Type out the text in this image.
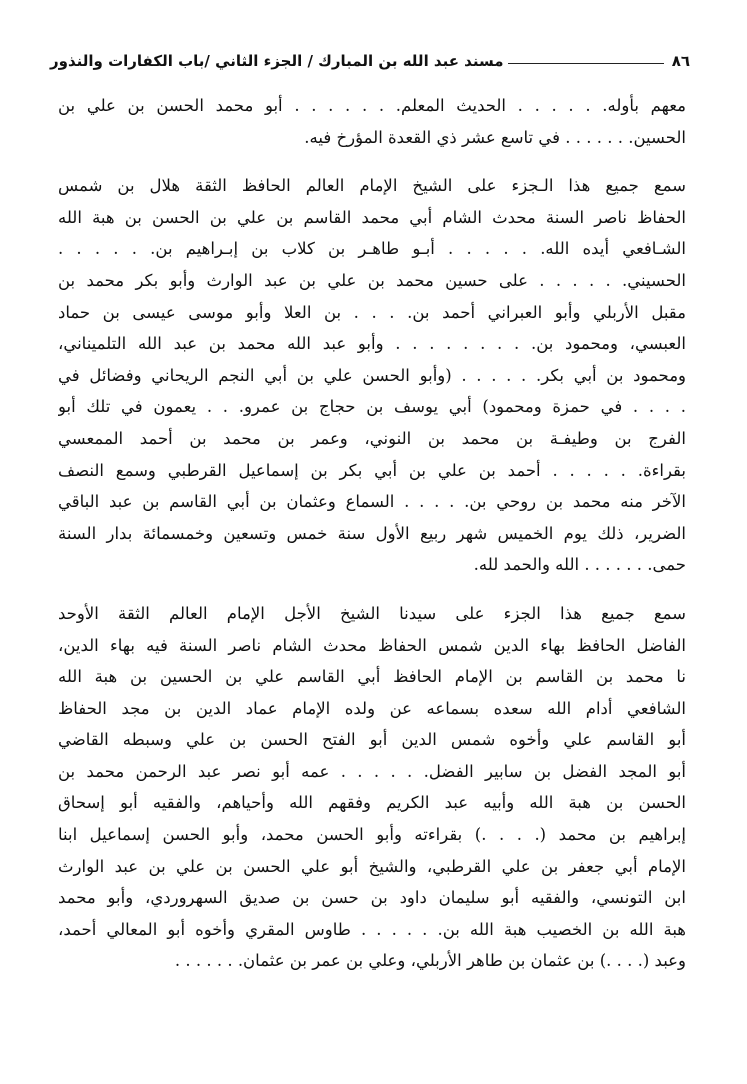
٨٦
مسند عبد الله بن المبارك / الجزء الثاني /باب الكفارات والنذور
معهم بأوله. . . . . . الحديث المعلم. . . . . . . أبو محمد الحسن بن علي بن
الحسين. . . . . . . في تاسع عشر ذي القعدة المؤرخ فيه.
سمع جميع هذا الـجزء على الشيخ الإمام العالم الحافظ الثقة هلال بن شمس
الحفاظ ناصر السنة محدث الشام أبي محمد القاسم بن علي بن الحسن بن هبة الله
الشـافعي أيده الله. . . . . . أبـو طاهـر بن كلاب بن إبـراهيم بن. . . . . .
الحسيني. . . . . . على حسين محمد بن علي بن عبد الوارث وأبو بكر محمد بن
مقبل الأربلي وأبو العبراني أحمد بن. . . . بن العلا وأبو موسى عيسى بن حماد
العبسي، ومحمود بن. . . . . . . . . وأبو عبد الله محمد بن عبد الله التلميناني،
ومحمود بن أبي بكر. . . . . . (وأبو الحسن علي بن أبي النجم الريحاني وفضائل في
. . . . في حمزة ومحمود) أبي يوسف بن حجاج بن عمرو. . . يعمون في تلك أبو
الفرج بن وطيفـة بن محمد بن النوني، وعمر بن محمد بن أحمد الممعسي
بقراءة. . . . . . أحمد بن علي بن أبي بكر بن إسماعيل القرطبي وسمع النصف
الآخر منه محمد بن روحي بن. . . . . السماع وعثمان بن أبي القاسم بن عبد الباقي
الضرير، ذلك يوم الخميس شهر ربيع الأول سنة خمس وتسعين وخمسمائة بدار السنة
حمى. . . . . . . الله والحمد لله.
سمع جميع هذا الجزء على سيدنا الشيخ الأجل الإمام العالم الثقة الأوحد
الفاضل الحافظ بهاء الدين شمس الحفاظ محدث الشام ناصر السنة فيه بهاء الدين،
نا محمد بن القاسم بن الإمام الحافظ أبي القاسم علي بن الحسين بن هبة الله
الشافعي أدام الله سعده بسماعه عن ولده الإمام عماد الدين بن مجد الحفاظ
أبو القاسم علي وأخوه شمس الدين أبو الفتح الحسن بن علي وسبطه القاضي
أبو المجد الفضل بن سابير الفضل. . . . . . عمه أبو نصر عبد الرحمن محمد بن
الحسن بن هبة الله وأبيه عبد الكريم وفقهم الله وأحياهم، والفقيه أبو إسحاق
إبراهيم بن محمد (. . . .) بقراءته وأبو الحسن محمد، وأبو الحسن إسماعيل ابنا
الإمام أبي جعفر بن علي القرطبي، والشيخ أبو علي الحسن بن علي بن عبد الوارث
ابن التونسي، والفقيه أبو سليمان داود بن حسن بن صديق السهروردي، وأبو محمد
هبة الله بن الخصيب هبة الله بن. . . . . . طاوس المقري وأخوه أبو المعالي أحمد،
وعبد (. . . .) بن عثمان بن طاهر الأربلي، وعلي بن عمر بن عثمان. . . . . . .
